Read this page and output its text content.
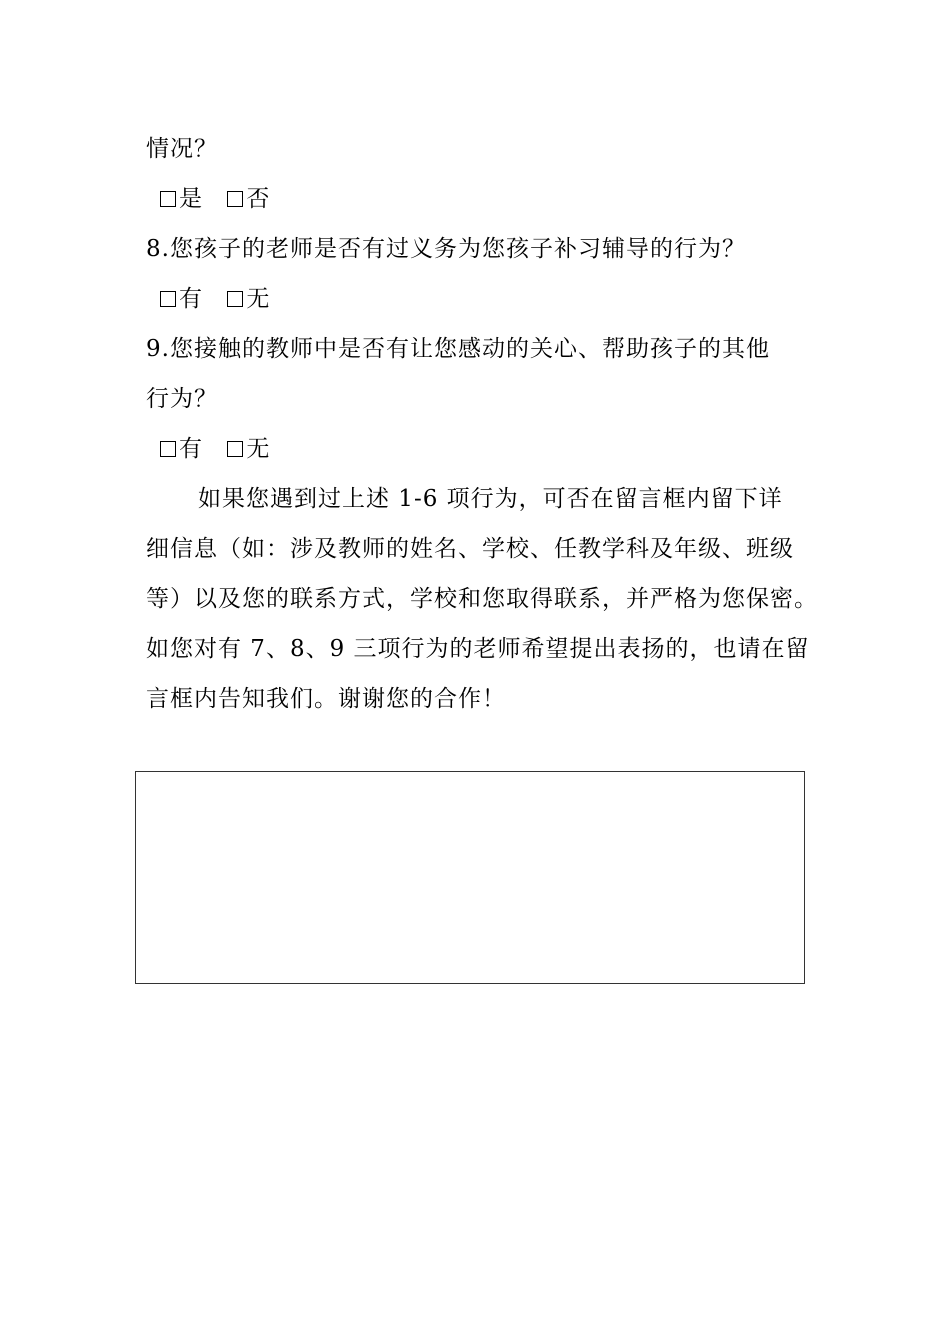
情况？
是 否
8.您孩子的老师是否有过义务为您孩子补习辅导的行为？
有 无
9.您接触的教师中是否有让您感动的关心、帮助孩子的其他
行为？
有 无
如果您遇到过上述 1-6 项行为，可否在留言框内留下详
细信息（如：涉及教师的姓名、学校、任教学科及年级、班级
等）以及您的联系方式，学校和您取得联系，并严格为您保密。
如您对有 7、8、9 三项行为的老师希望提出表扬的，也请在留
言框内告知我们。谢谢您的合作！
